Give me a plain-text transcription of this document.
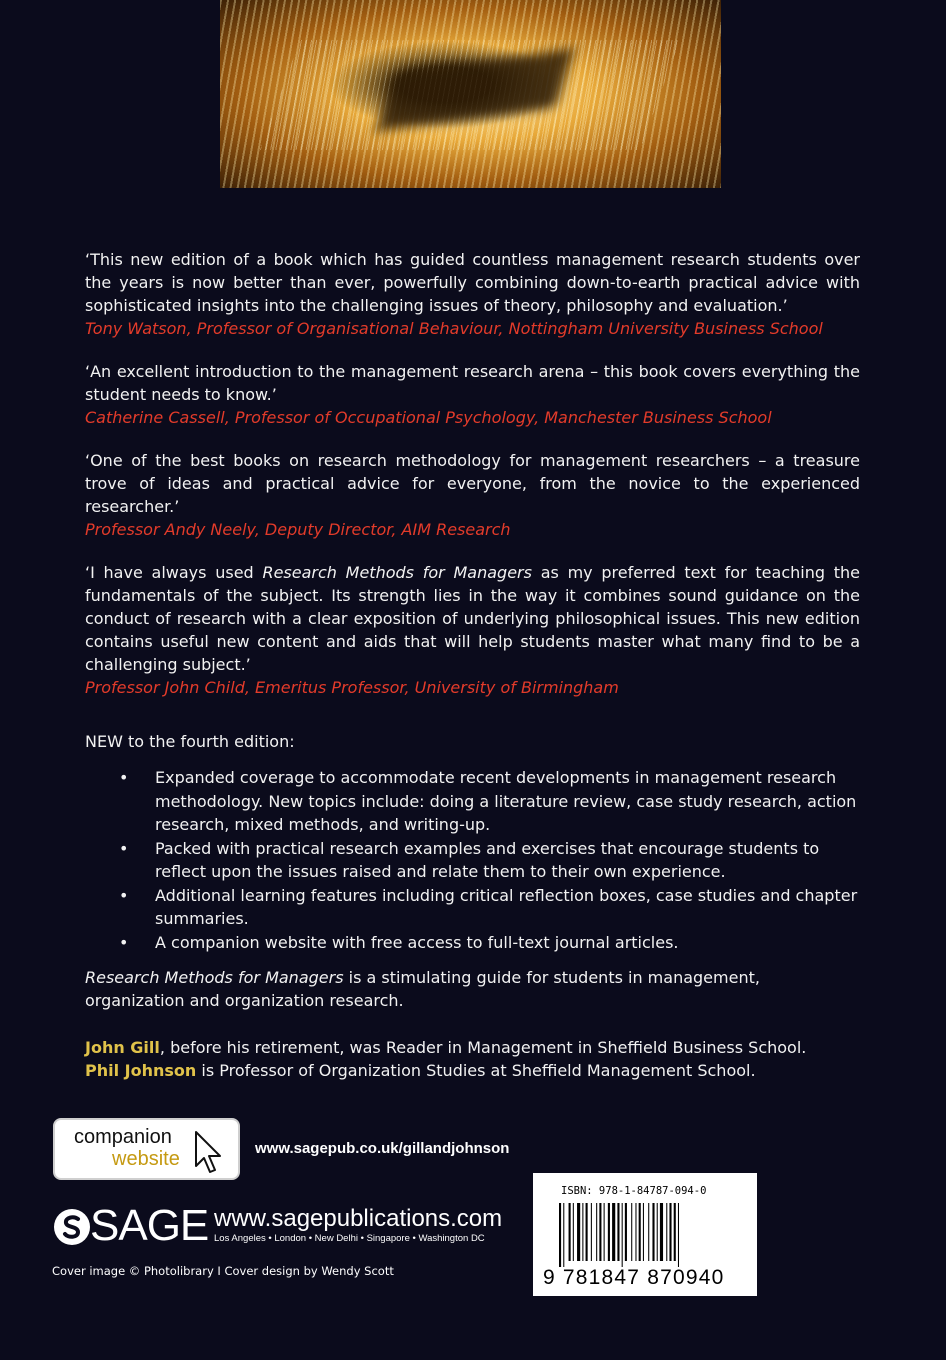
‘This new edition of a book which has guided countless management research students over the years is now better than ever, powerfully combining down-to-earth practical advice with sophisticated insights into the challenging issues of theory, philosophy and evaluation.’
Tony Watson, Professor of Organisational Behaviour, Nottingham University Business School
‘An excellent introduction to the management research arena – this book covers everything the student needs to know.’
Catherine Cassell, Professor of Occupational Psychology, Manchester Business School
‘One of the best books on research methodology for management researchers – a treasure trove of ideas and practical advice for everyone, from the novice to the experienced researcher.’
Professor Andy Neely, Deputy Director, AIM Research
‘I have always used Research Methods for Managers as my preferred text for teaching the fundamentals of the subject. Its strength lies in the way it combines sound guidance on the conduct of research with a clear exposition of underlying philosophical issues. This new edition contains useful new content and aids that will help students master what many find to be a challenging subject.’
Professor John Child, Emeritus Professor, University of Birmingham
NEW to the fourth edition:
• Expanded coverage to accommodate recent developments in management research methodology. New topics include: doing a literature review, case study research, action research, mixed methods, and writing-up.
• Packed with practical research examples and exercises that encourage students to reflect upon the issues raised and relate them to their own experience.
• Additional learning features including critical reflection boxes, case studies and chapter summaries.
• A companion website with free access to full-text journal articles.
Research Methods for Managers is a stimulating guide for students in management, organization and organization research.
John Gill, before his retirement, was Reader in Management in Sheffield Business School.
Phil Johnson is Professor of Organization Studies at Sheffield Management School.
companion
website	www.sagepub.co.uk/gillandjohnson
SAGE www.sagepublications.com
Los Angeles • London • New Delhi • Singapore • Washington DC
Cover image © Photolibrary I Cover design by Wendy Scott
ISBN: 978-1-84787-094-0
9 781847 870940
